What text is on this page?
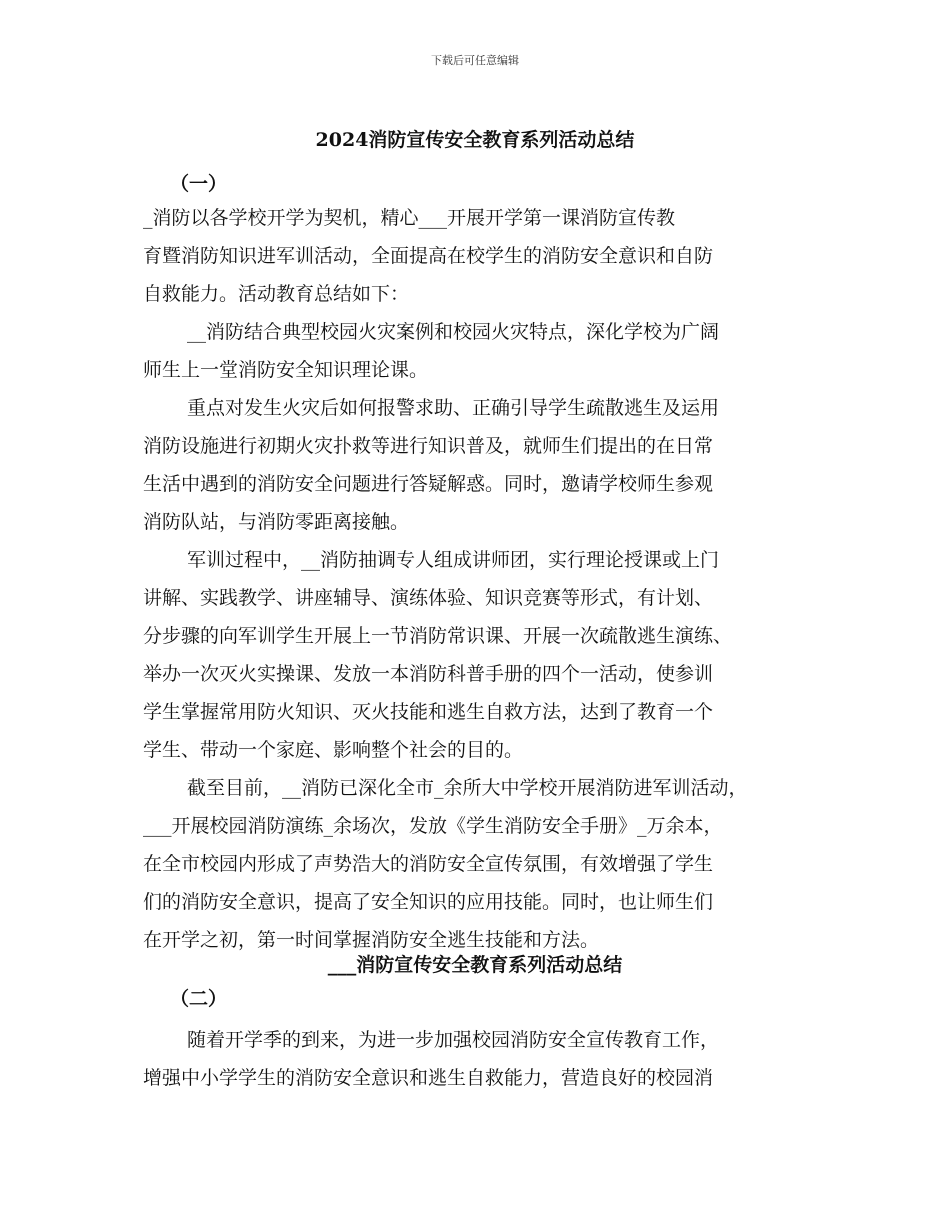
下载后可任意编辑
2024消防宣传安全教育系列活动总结
（一）
_消防以各学校开学为契机，精心___开展开学第一课消防宣传教
育暨消防知识进军训活动，全面提高在校学生的消防安全意识和自防
自救能力。活动教育总结如下：
__消防结合典型校园火灾案例和校园火灾特点，深化学校为广阔
师生上一堂消防安全知识理论课。
重点对发生火灾后如何报警求助、正确引导学生疏散逃生及运用
消防设施进行初期火灾扑救等进行知识普及，就师生们提出的在日常
生活中遇到的消防安全问题进行答疑解惑。同时，邀请学校师生参观
消防队站，与消防零距离接触。
军训过程中，__消防抽调专人组成讲师团，实行理论授课或上门
讲解、实践教学、讲座辅导、演练体验、知识竞赛等形式，有计划、
分步骤的向军训学生开展上一节消防常识课、开展一次疏散逃生演练、
举办一次灭火实操课、发放一本消防科普手册的四个一活动，使参训
学生掌握常用防火知识、灭火技能和逃生自救方法，达到了教育一个
学生、带动一个家庭、影响整个社会的目的。
截至目前，__消防已深化全市_余所大中学校开展消防进军训活动，
___开展校园消防演练_余场次，发放《学生消防安全手册》_万余本，
在全市校园内形成了声势浩大的消防安全宣传氛围，有效增强了学生
们的消防安全意识，提高了安全知识的应用技能。同时，也让师生们
在开学之初，第一时间掌握消防安全逃生技能和方法。
___消防宣传安全教育系列活动总结
（二）
随着开学季的到来，为进一步加强校园消防安全宣传教育工作，
增强中小学学生的消防安全意识和逃生自救能力，营造良好的校园消
